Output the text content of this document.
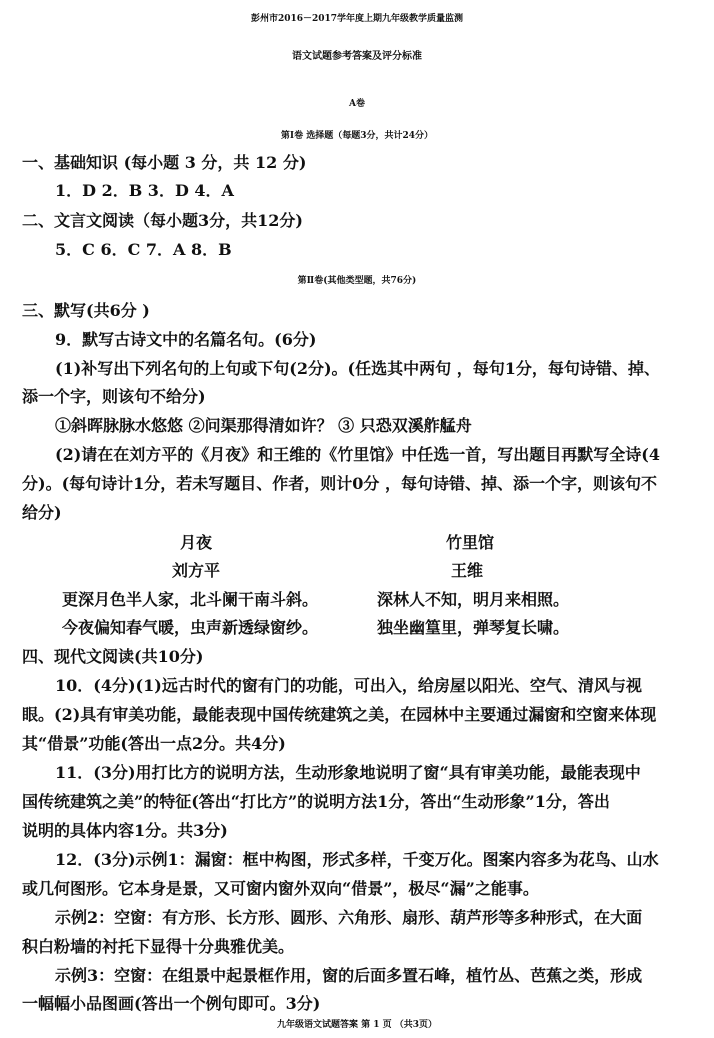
彭州市2016－2017学年度上期九年级教学质量监测
语文试题参考答案及评分标准
A卷
第Ⅰ卷 选择题（每题3分，共计24分）
一、基础知识 (每小题 3 分，共 12 分)
1．D 2．B 3．D 4．A
二、文言文阅读（每小题3分，共12分)
5．C 6．C 7．A 8．B
第Ⅱ卷(其他类型题，共76分)
三、默写(共6分 )
9．默写古诗文中的名篇名句。(6分)
(1)补写出下列名句的上句或下句(2分)。(任选其中两句 ，每句1分，每句诗错、掉、
添一个字，则该句不给分)
①斜晖脉脉水悠悠 ②问渠那得清如许？ ③ 只恐双溪舴艋舟
(2)请在在刘方平的《月夜》和王维的《竹里馆》中任选一首，写出题目再默写全诗(4
分)。(每句诗计1分，若未写题目、作者，则计0分 ，每句诗错、掉、添一个字，则该句不
给分)
月夜	竹里馆
刘方平	王维
更深月色半人家，北斗阑干南斗斜。	深林人不知，明月来相照。
今夜偏知春气暖，虫声新透绿窗纱。	独坐幽篁里，弹琴复长啸。
四、现代文阅读(共10分)
10．(4分)(1)远古时代的窗有门的功能，可出入，给房屋以阳光、空气、清风与视
眼。(2)具有审美功能，最能表现中国传统建筑之美，在园林中主要通过漏窗和空窗来体现
其“借景”功能(答出一点2分。共4分)
11．(3分)用打比方的说明方法，生动形象地说明了窗“具有审美功能，最能表现中
国传统建筑之美”的特征(答出“打比方”的说明方法1分，答出“生动形象”1分，答出
说明的具体内容1分。共3分)
12．(3分)示例1：漏窗：框中构图，形式多样，千变万化。图案内容多为花鸟、山水
或几何图形。它本身是景，又可窗内窗外双向“借景”，极尽“漏”之能事。
示例2：空窗：有方形、长方形、圆形、六角形、扇形、葫芦形等多种形式，在大面
积白粉墙的衬托下显得十分典雅优美。
示例3：空窗：在组景中起景框作用，窗的后面多置石峰，植竹丛、芭蕉之类，形成
一幅幅小品图画(答出一个例句即可。3分)
九年级语文试题答案 第 1 页 （共3页）
